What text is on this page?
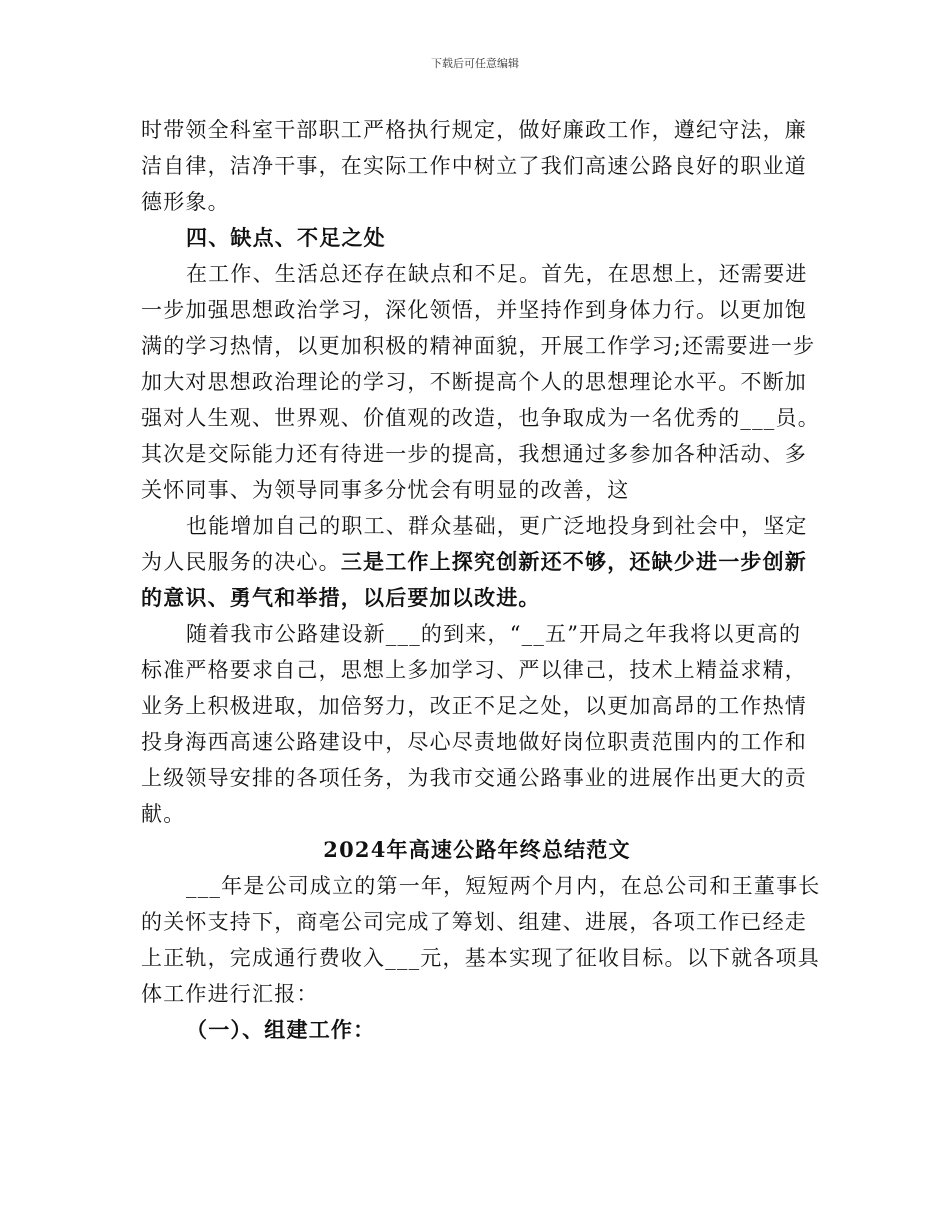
下载后可任意编辑
时带领全科室干部职工严格执行规定，做好廉政工作，遵纪守法，廉
洁自律，洁净干事，在实际工作中树立了我们高速公路良好的职业道
德形象。
四、缺点、不足之处
在工作、生活总还存在缺点和不足。首先，在思想上，还需要进
一步加强思想政治学习，深化领悟，并坚持作到身体力行。以更加饱
满的学习热情，以更加积极的精神面貌，开展工作学习;还需要进一步
加大对思想政治理论的学习，不断提高个人的思想理论水平。不断加
强对人生观、世界观、价值观的改造，也争取成为一名优秀的___员。
其次是交际能力还有待进一步的提高，我想通过多参加各种活动、多
关怀同事、为领导同事多分忧会有明显的改善，这
也能增加自己的职工、群众基础，更广泛地投身到社会中，坚定
为人民服务的决心。三是工作上探究创新还不够，还缺少进一步创新
的意识、勇气和举措，以后要加以改进。
随着我市公路建设新___的到来，“__五”开局之年我将以更高的
标准严格要求自己，思想上多加学习、严以律己，技术上精益求精，
业务上积极进取，加倍努力，改正不足之处，以更加高昂的工作热情
投身海西高速公路建设中，尽心尽责地做好岗位职责范围内的工作和
上级领导安排的各项任务，为我市交通公路事业的进展作出更大的贡
献。
2024年高速公路年终总结范文
___年是公司成立的第一年，短短两个月内，在总公司和王董事长
的关怀支持下，商亳公司完成了筹划、组建、进展，各项工作已经走
上正轨，完成通行费收入___元，基本实现了征收目标。以下就各项具
体工作进行汇报：
（一）、组建工作：
